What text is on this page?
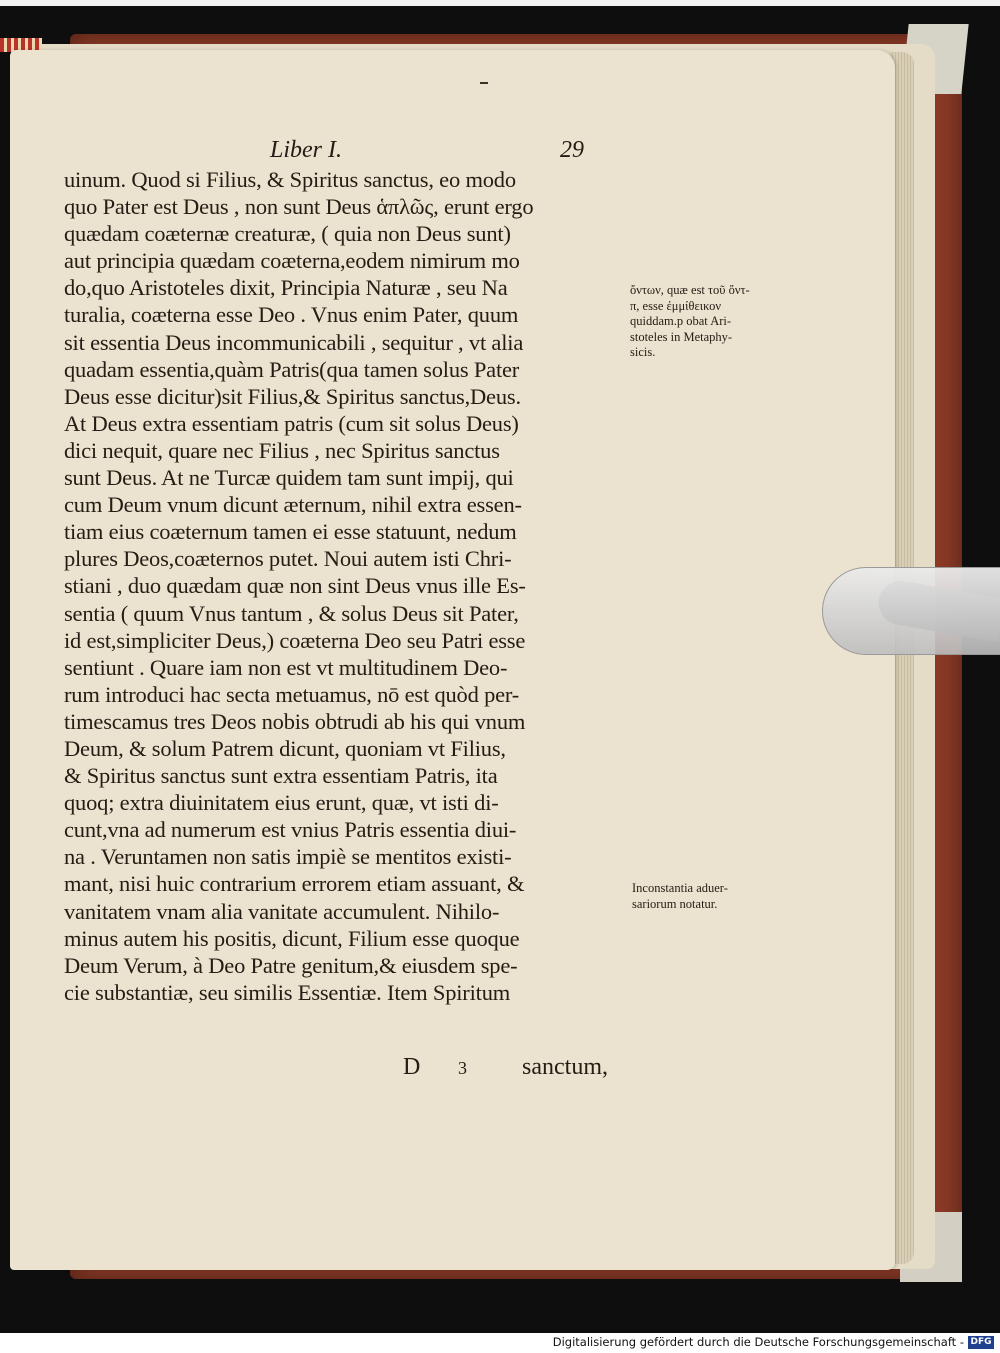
Liber I.	29
uinum. Quod si Filius, & Spiritus sanctus, eo modo
quo Pater est Deus , non sunt Deus ἁπλῶς, erunt ergo
quædam coæternæ creaturæ, ( quia non Deus sunt)
aut principia quædam coæterna,eodem nimirum mo
do,quo Aristoteles dixit, Principia Naturæ , seu Na
turalia, coæterna esse Deo . Vnus enim Pater, quum
sit essentia Deus incommunicabili , sequitur , vt alia
quadam essentia,quàm Patris(qua tamen solus Pater
Deus esse dicitur)sit Filius,& Spiritus sanctus,Deus.
At Deus extra essentiam patris (cum sit solus Deus)
dici nequit, quare nec Filius , nec Spiritus sanctus
sunt Deus. At ne Turcæ quidem tam sunt impij, qui
cum Deum vnum dicunt æternum, nihil extra essen-
tiam eius coæternum tamen ei esse statuunt, nedum
plures Deos,coæternos putet. Noui autem isti Chri-
stiani , duo quædam quæ non sint Deus vnus ille Es-
sentia ( quum Vnus tantum , & solus Deus sit Pater,
id est,simpliciter Deus,) coæterna Deo seu Patri esse
sentiunt . Quare iam non est vt multitudinem Deo-
rum introduci hac secta metuamus, nō est quòd per-
timescamus tres Deos nobis obtrudi ab his qui vnum
Deum, & solum Patrem dicunt, quoniam vt Filius,
& Spiritus sanctus sunt extra essentiam Patris, ita
quoq; extra diuinitatem eius erunt, quæ, vt isti di-
cunt,vna ad numerum est vnius Patris essentia diui-
na . Veruntamen non satis impiè se mentitos existi-
mant, nisi huic contrarium errorem etiam assuant, &
vanitatem vnam alia vanitate accumulent. Nihilo-
minus autem his positis, dicunt, Filium esse quoque
Deum Verum, à Deo Patre genitum,& eiusdem spe-
cie substantiæ, seu similis Essentiæ. Item Spiritum
ὄντων, quæ est τοῦ ὄντ-
π, esse ἐμμίθεικον
quiddam.p obat Ari-
stoteles in Metaphy-
sicis.
Inconstantia aduer-
sariorum notatur.
D 3 sanctum,
Digitalisierung gefördert durch die Deutsche Forschungsgemeinschaft - DFG
